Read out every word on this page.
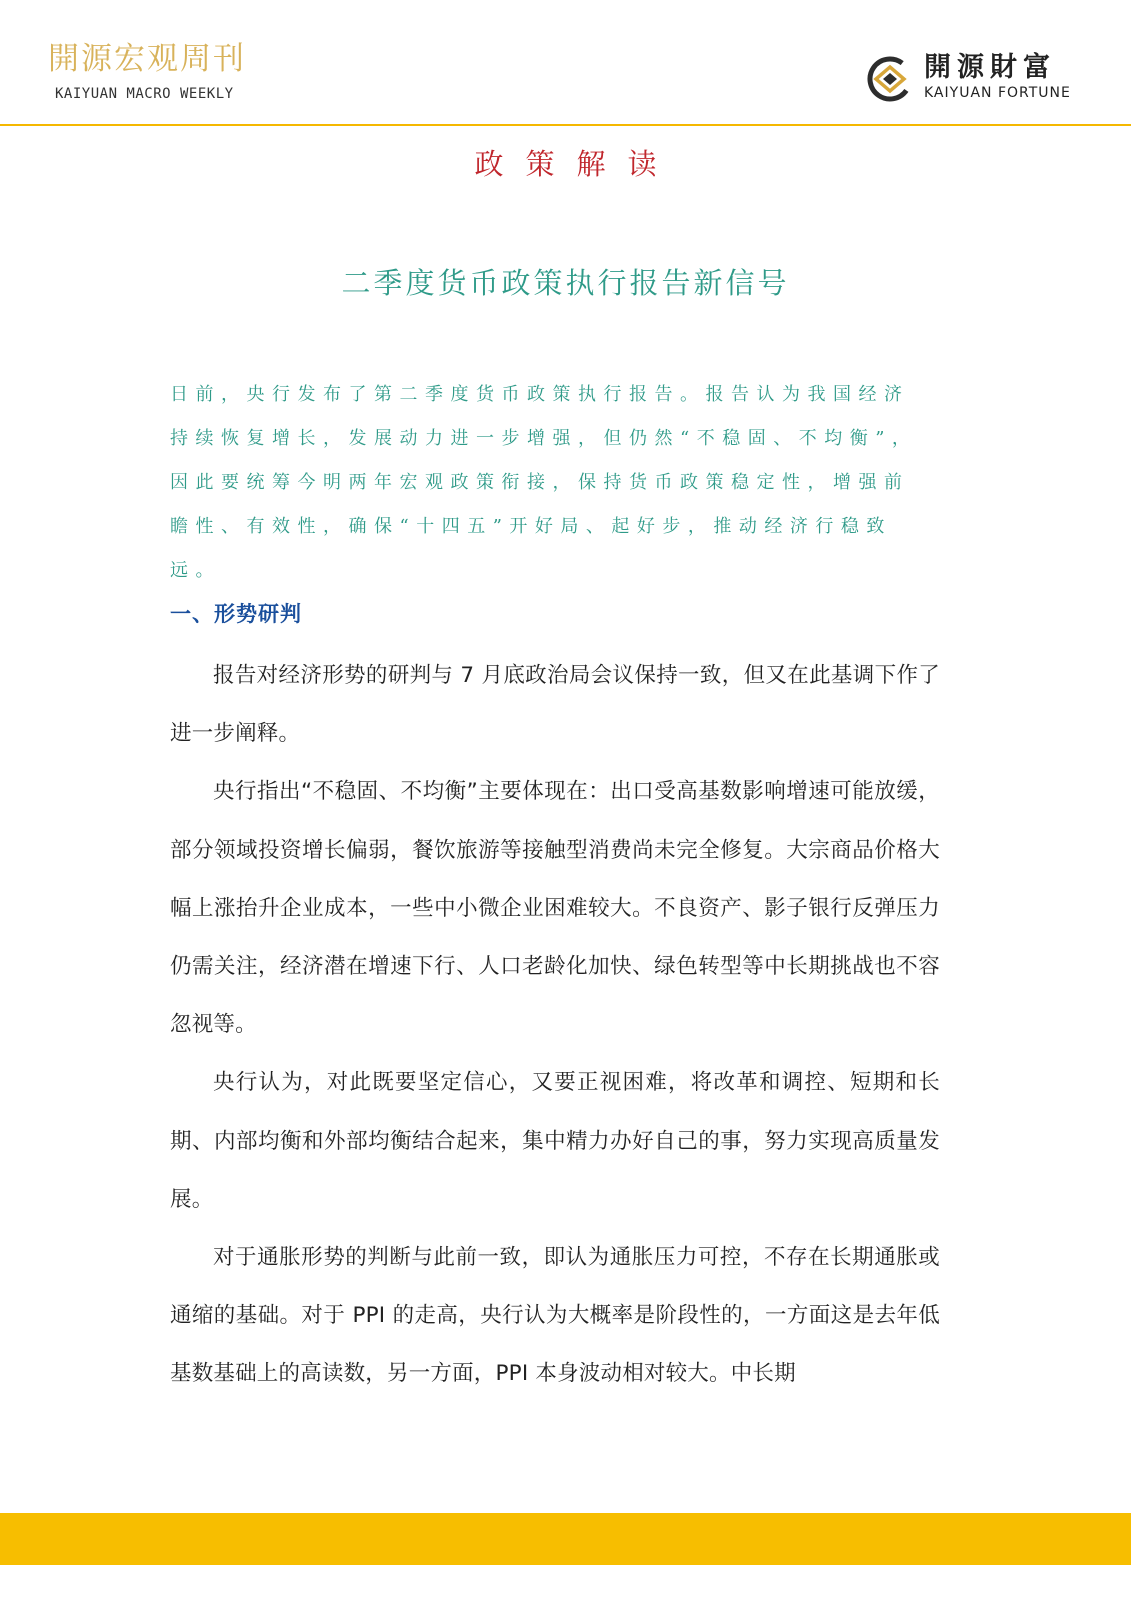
開源宏观周刊
KAIYUAN MACRO WEEKLY
開源財富
KAIYUAN FORTUNE
政策解读
二季度货币政策执行报告新信号

日前，央行发布了第二季度货币政策执行报告。报告认为我国经济持续恢复增长，发展动力进一步增强，但仍然“不稳固、不均衡”，因此要统筹今明两年宏观政策衔接，保持货币政策稳定性，增强前瞻性、有效性，确保“十四五”开好局、起好步，推动经济行稳致远。

一、形势研判

报告对经济形势的研判与 7 月底政治局会议保持一致，但又在此基调下作了进一步阐释。

央行指出“不稳固、不均衡”主要体现在：出口受高基数影响增速可能放缓，部分领域投资增长偏弱，餐饮旅游等接触型消费尚未完全修复。大宗商品价格大幅上涨抬升企业成本，一些中小微企业困难较大。不良资产、影子银行反弹压力仍需关注，经济潜在增速下行、人口老龄化加快、绿色转型等中长期挑战也不容忽视等。

央行认为，对此既要坚定信心，又要正视困难，将改革和调控、短期和长期、内部均衡和外部均衡结合起来，集中精力办好自己的事，努力实现高质量发展。

对于通胀形势的判断与此前一致，即认为通胀压力可控，不存在长期通胀或通缩的基础。对于 PPI 的走高，央行认为大概率是阶段性的，一方面这是去年低基数基础上的高读数，另一方面，PPI 本身波动相对较大。中长期
